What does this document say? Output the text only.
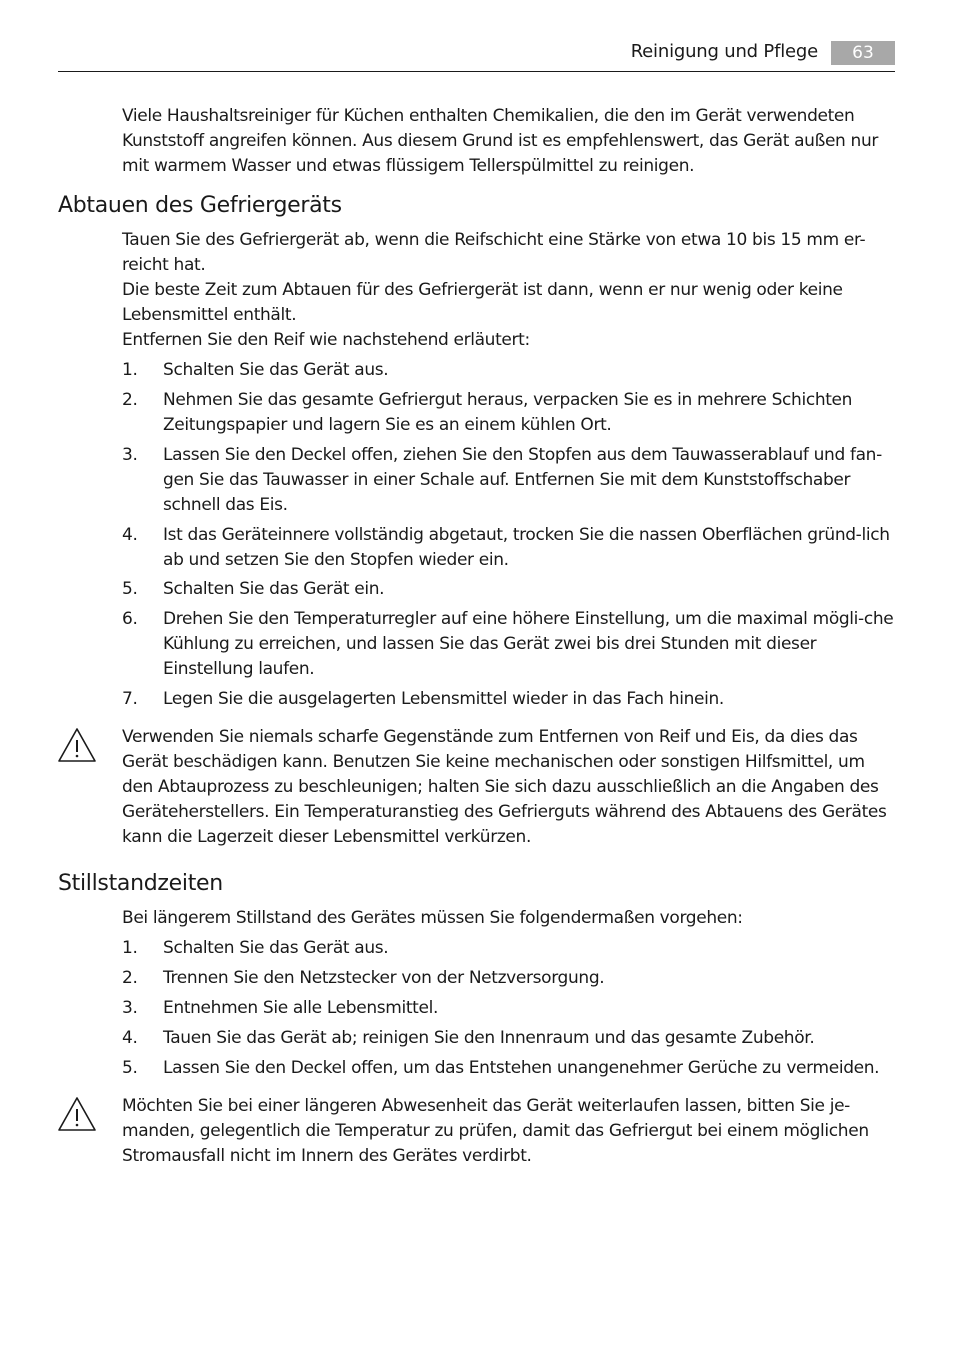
Reinigung und Pflege	63

Viele Haushaltsreiniger für Küchen enthalten Chemikalien, die den im Gerät verwendeten Kunststoff angreifen können. Aus diesem Grund ist es empfehlenswert, das Gerät außen nur mit warmem Wasser und etwas flüssigem Tellerspülmittel zu reinigen.

Abtauen des Gefriergeräts

Tauen Sie des Gefriergerät ab, wenn die Reifschicht eine Stärke von etwa 10 bis 15 mm er-reicht hat.

Die beste Zeit zum Abtauen für des Gefriergerät ist dann, wenn er nur wenig oder keine Lebensmittel enthält.

Entfernen Sie den Reif wie nachstehend erläutert:

1.	Schalten Sie das Gerät aus.
2.	Nehmen Sie das gesamte Gefriergut heraus, verpacken Sie es in mehrere Schichten Zeitungspapier und lagern Sie es an einem kühlen Ort.
3.	Lassen Sie den Deckel offen, ziehen Sie den Stopfen aus dem Tauwasserablauf und fan-gen Sie das Tauwasser in einer Schale auf. Entfernen Sie mit dem Kunststoffschaber schnell das Eis.
4.	Ist das Geräteinnere vollständig abgetaut, trocken Sie die nassen Oberflächen gründ-lich ab und setzen Sie den Stopfen wieder ein.
5.	Schalten Sie das Gerät ein.
6.	Drehen Sie den Temperaturregler auf eine höhere Einstellung, um die maximal mögli-che Kühlung zu erreichen, und lassen Sie das Gerät zwei bis drei Stunden mit dieser Einstellung laufen.
7.	Legen Sie die ausgelagerten Lebensmittel wieder in das Fach hinein.

Verwenden Sie niemals scharfe Gegenstände zum Entfernen von Reif und Eis, da dies das Gerät beschädigen kann. Benutzen Sie keine mechanischen oder sonstigen Hilfsmittel, um den Abtauprozess zu beschleunigen; halten Sie sich dazu ausschließlich an die Angaben des Geräteherstellers. Ein Temperaturanstieg des Gefrierguts während des Abtauens des Gerätes kann die Lagerzeit dieser Lebensmittel verkürzen.

Stillstandzeiten

Bei längerem Stillstand des Gerätes müssen Sie folgendermaßen vorgehen:

1.	Schalten Sie das Gerät aus.
2.	Trennen Sie den Netzstecker von der Netzversorgung.
3.	Entnehmen Sie alle Lebensmittel.
4.	Tauen Sie das Gerät ab; reinigen Sie den Innenraum und das gesamte Zubehör.
5.	Lassen Sie den Deckel offen, um das Entstehen unangenehmer Gerüche zu vermeiden.

Möchten Sie bei einer längeren Abwesenheit das Gerät weiterlaufen lassen, bitten Sie je-manden, gelegentlich die Temperatur zu prüfen, damit das Gefriergut bei einem möglichen Stromausfall nicht im Innern des Gerätes verdirbt.
